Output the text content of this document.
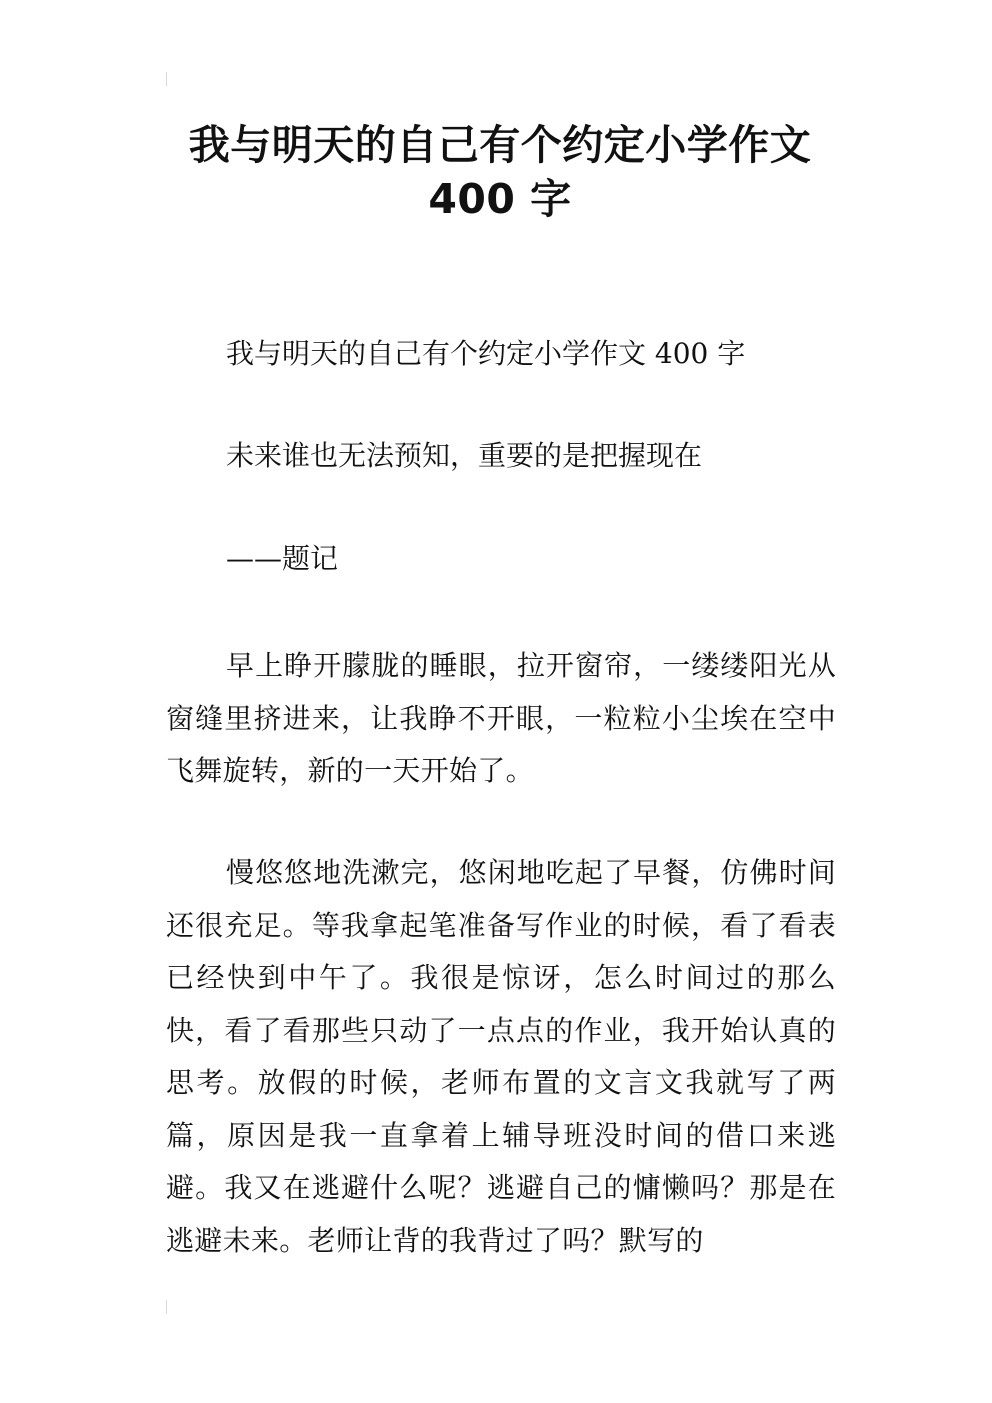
我与明天的自己有个约定小学作文
400 字

我与明天的自己有个约定小学作文 400 字

未来谁也无法预知，重要的是把握现在

——题记

早上睁开朦胧的睡眼，拉开窗帘，一缕缕阳光从窗缝里挤进来，让我睁不开眼，一粒粒小尘埃在空中飞舞旋转，新的一天开始了。

慢悠悠地洗漱完，悠闲地吃起了早餐，仿佛时间还很充足。等我拿起笔准备写作业的时候，看了看表已经快到中午了。我很是惊讶，怎么时间过的那么快，看了看那些只动了一点点的作业，我开始认真的思考。放假的时候，老师布置的文言文我就写了两篇，原因是我一直拿着上辅导班没时间的借口来逃避。我又在逃避什么呢？逃避自己的慵懒吗？那是在逃避未来。老师让背的我背过了吗？默写的
